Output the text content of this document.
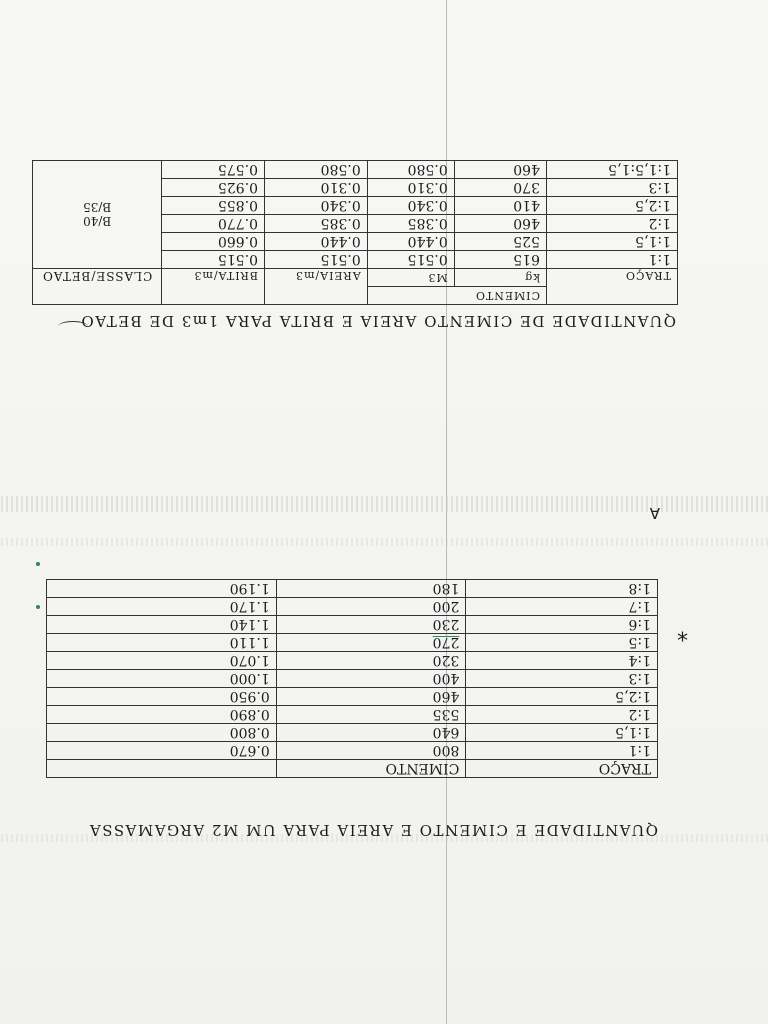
QUANTIDADE E CIMENTO E AREIA PARA UM M2 ARGAMASSA
TRAÇO	CIMENTO	
1:1	800	0.670
1:1,5	640	0.800
1:2	535	0.890
1:2,5	460	0.950
1:3	400	1.000
1:4	320	1.070
1:5	270	1.110
1:6	230	1.140
1:7	200	1.170
1:8	180	1.190
*
A
QUANTIDADE DE CIMENTO AREIA E BRITA PARA 1m3 DE BETAO
TRAÇO	CIMENTO		AREIA/m3	BRITA/m3	CLASSE/BETAO
	kg	M3			
1:1	615	0.515	0.515	0.515	B/40
B/35

1:1,5	525	0.440	0.440	0.660	
1:2	460	0.385	0.385	0.770	
1:2,5	410	0.340	0.340	0.855	
1:3	370	0.310	0.310	0.925	
1:1,5:1,5	460	0.580	0.580	0.575	
